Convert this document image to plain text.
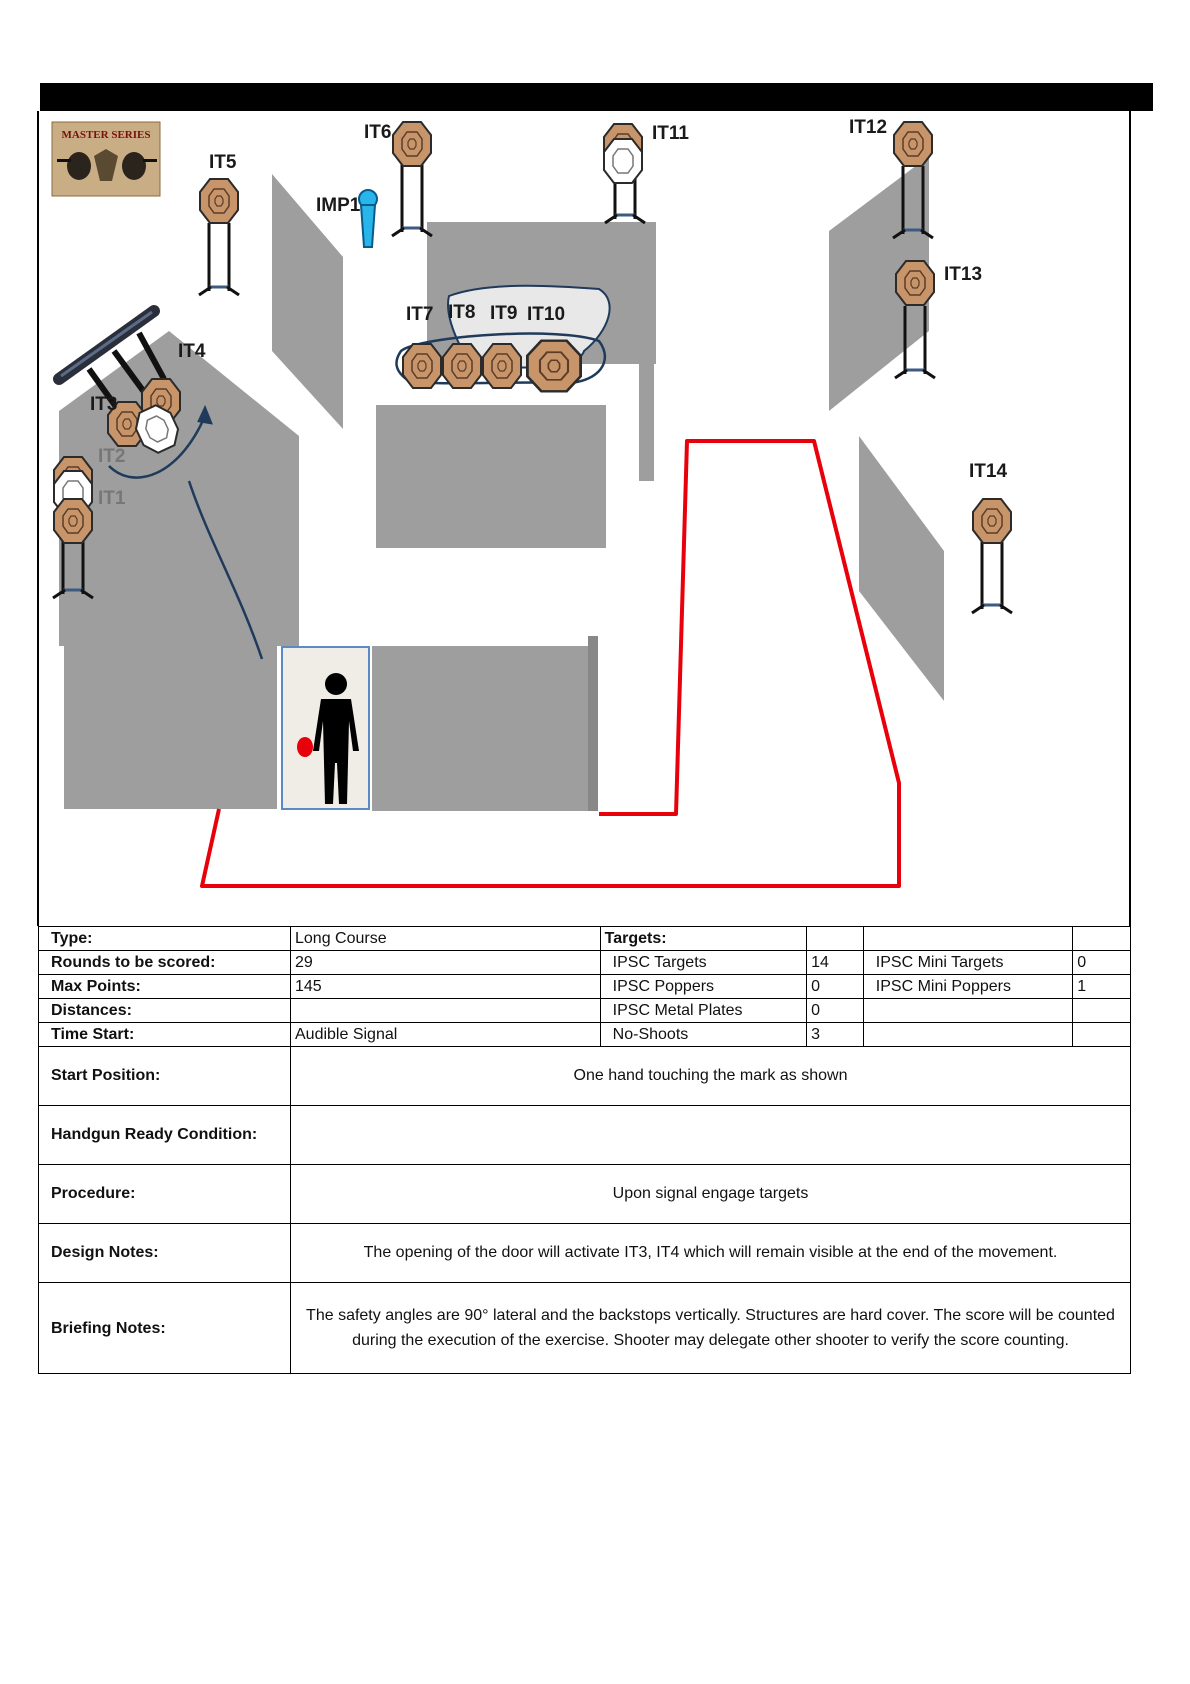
MASTER SERIES
IT5
IT6
IMP1
IT11	IT12
IT13
IT14
IT7 IT8 IT9 IT10
IT4
IT3
IT2
IT1
Type:	Long Course	Targets:			
Rounds to be scored:	29	IPSC Targets	14	IPSC Mini Targets	0
Max Points:	145	IPSC Poppers	0	IPSC Mini Poppers	1
Distances:		IPSC Metal Plates	0		
Time Start:	Audible Signal	No-Shoots	3		
Start Position:	One hand touching the mark as shown				
Handgun Ready Condition:					
Procedure:	Upon signal engage targets				
Design Notes:	The opening of the door will activate IT3, IT4 which will remain visible at the end of the movement.				
Briefing Notes:	The safety angles are 90° lateral and the backstops vertically. Structures are hard cover. The score will be counted during the execution of the exercise. Shooter may delegate other shooter to verify the score counting.				
